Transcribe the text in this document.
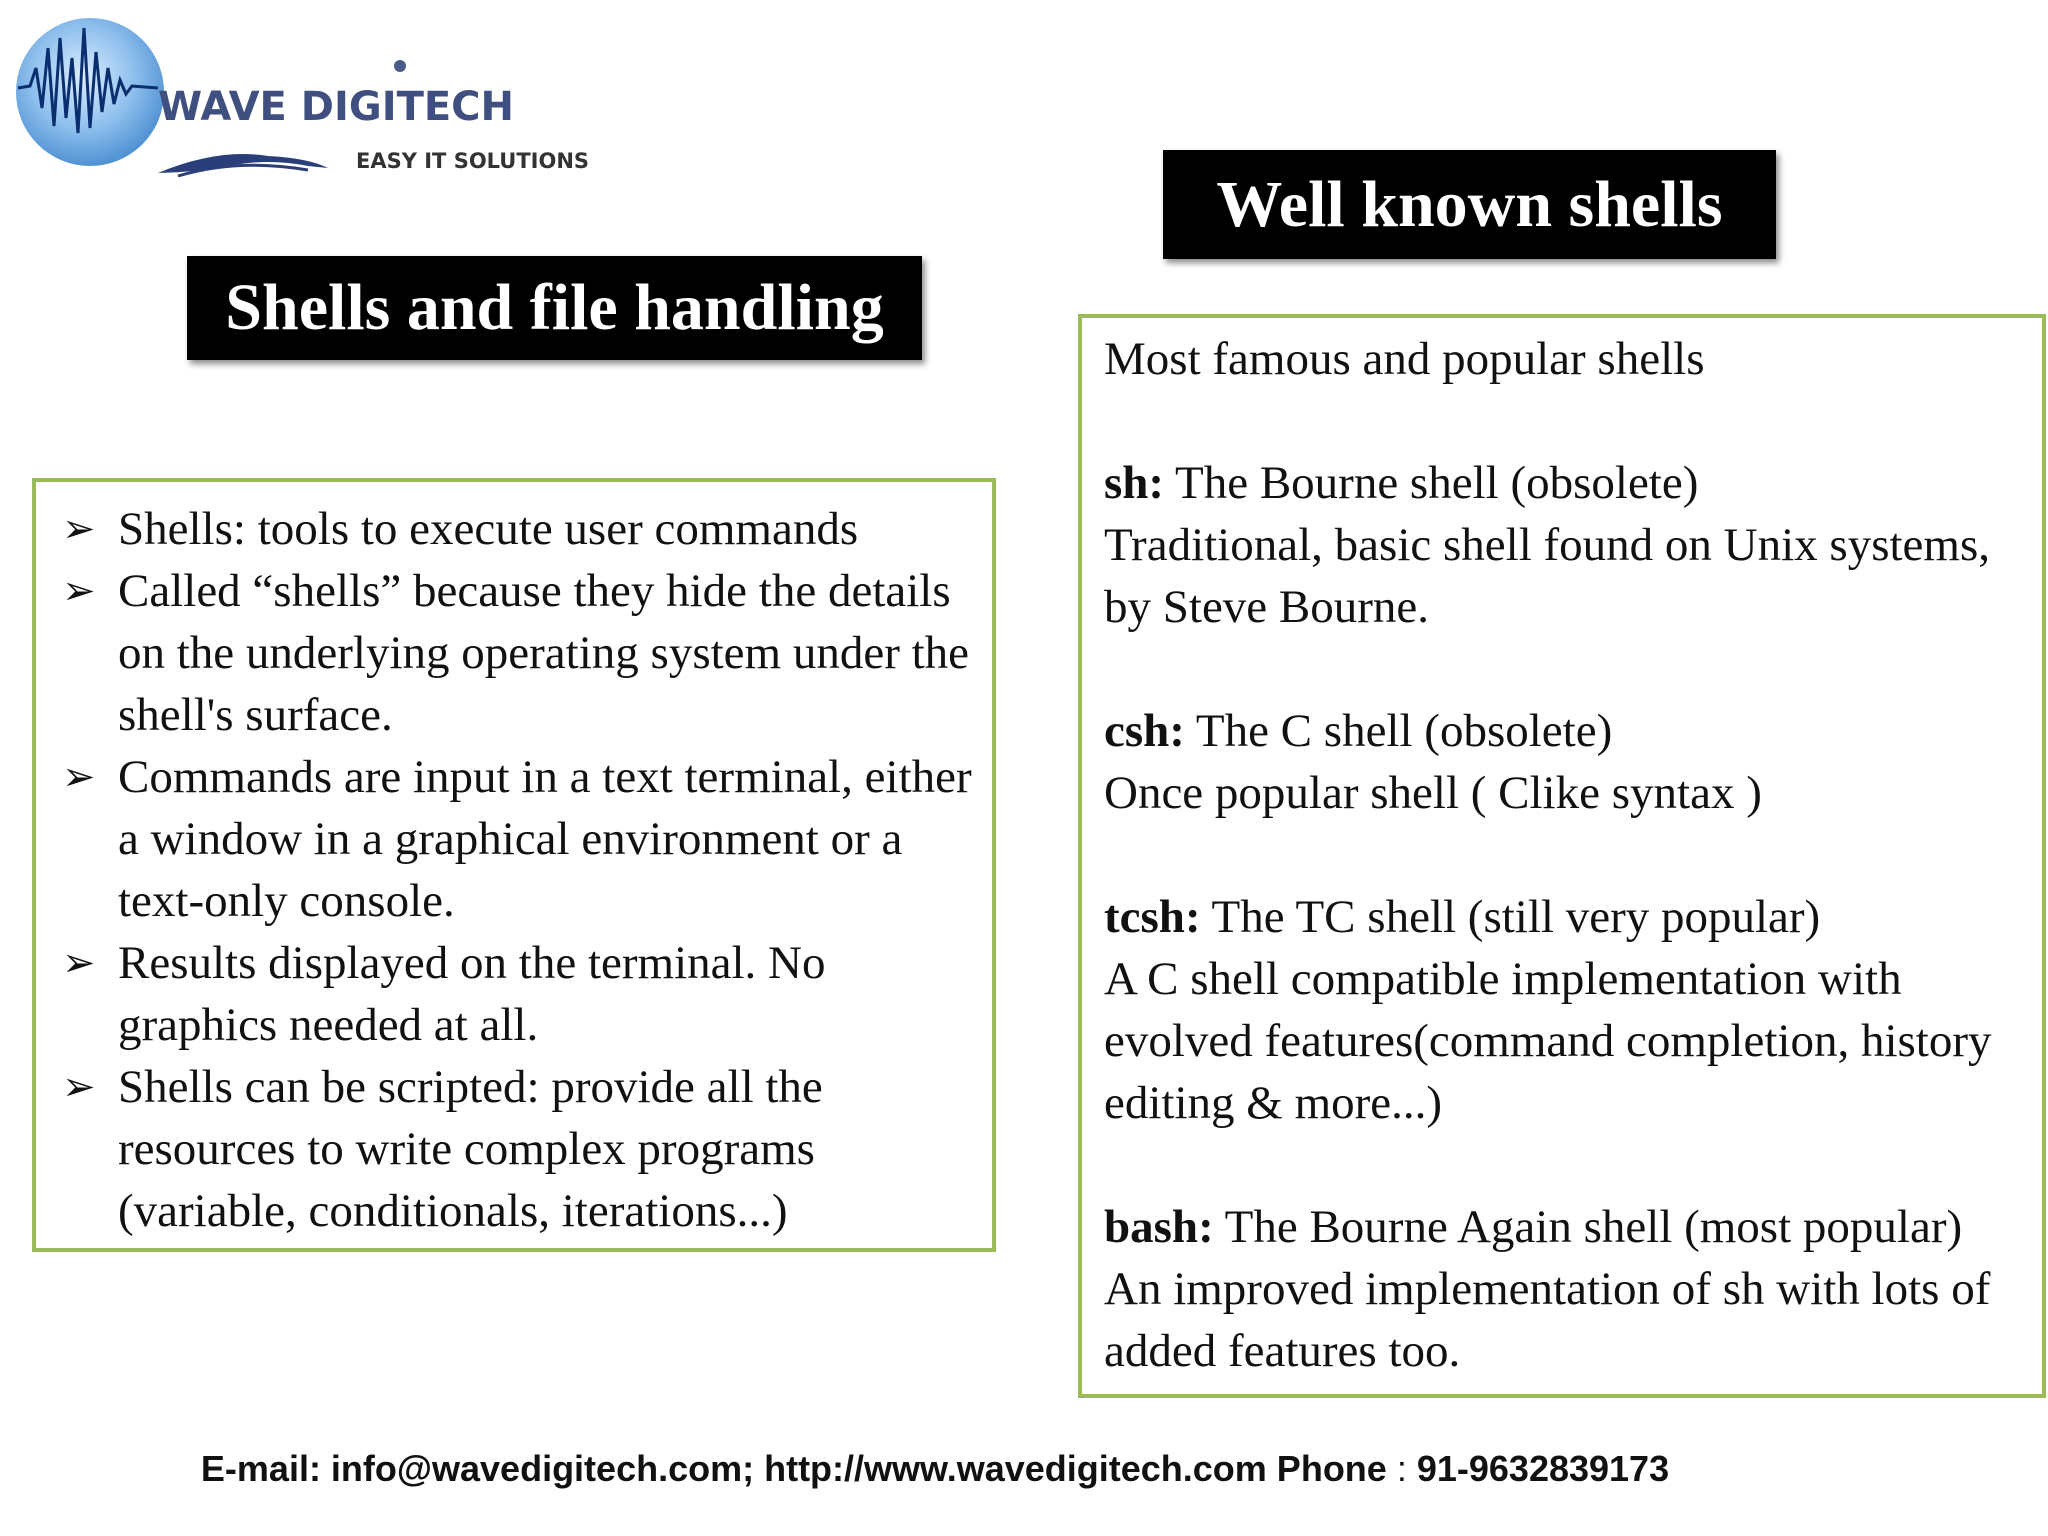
WAVE DIGITECH
EASY IT SOLUTIONS
Shells and file handling
Well known shells
➢ Shells: tools to execute user commands
➢ Called “shells” because they hide the details on the underlying operating system under the shell's surface.
➢ Commands are input in a text terminal, either a window in a graphical environment or a text-only console.
➢ Results displayed on the terminal. No graphics needed at all.
➢ Shells can be scripted: provide all the resources to write complex programs (variable, conditionals, iterations...)

Most famous and popular shells

sh: The Bourne shell (obsolete)

Traditional, basic shell found on Unix systems, by Steve Bourne.

csh: The C shell (obsolete)

Once popular shell ( Clike syntax )

tcsh: The TC shell (still very popular)

A C shell compatible implementation with evolved features(command completion, history editing & more...)

bash: The Bourne Again shell (most popular) An improved implementation of sh with lots of added features too.

E-mail: info@wavedigitech.com; http://www.wavedigitech.com Phone : 91-9632839173
